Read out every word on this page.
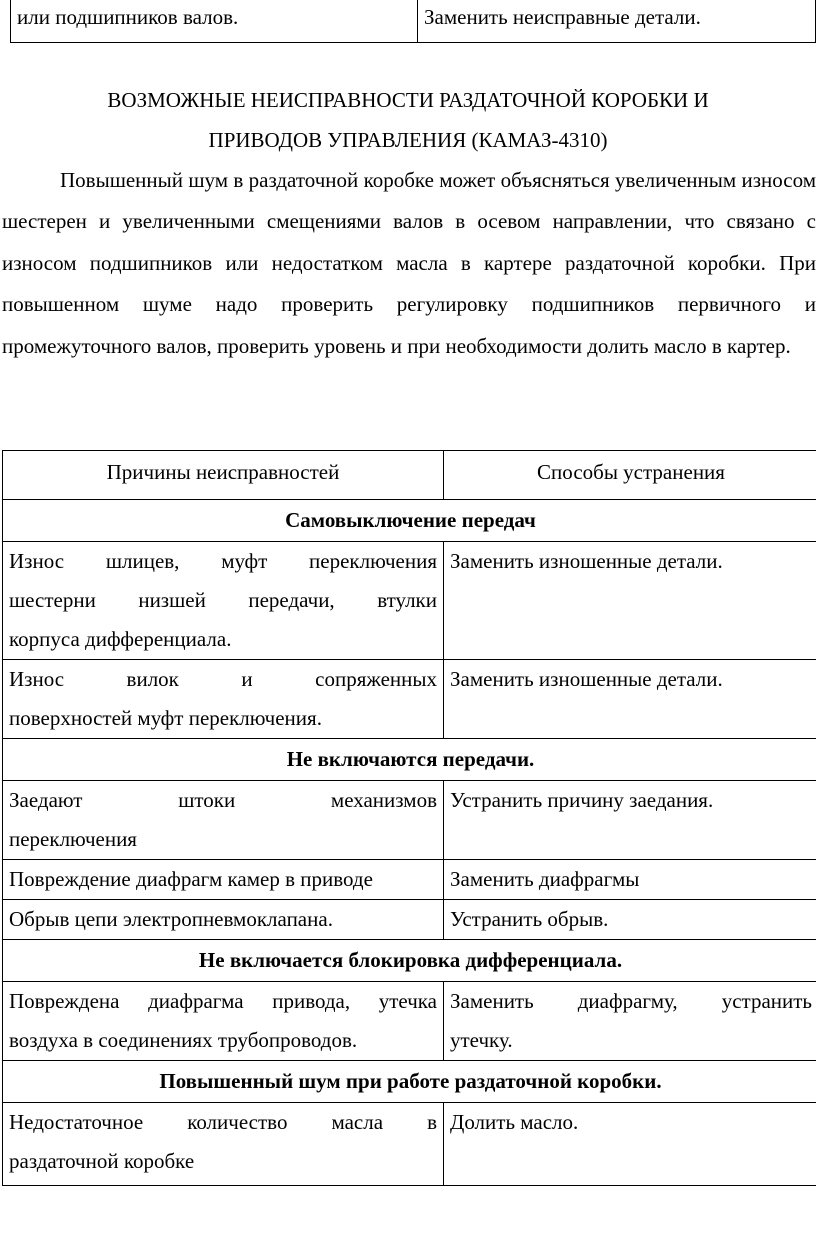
или подшипников валов.	Заменить неисправные детали.
ВОЗМОЖНЫЕ НЕИСПРАВНОСТИ РАЗДАТОЧНОЙ КОРОБКИ И
ПРИВОДОВ УПРАВЛЕНИЯ (КАМАЗ-4310)

Повышенный шум в раздаточной коробке может объясняться увеличенным износом шестерен и увеличенными смещениями валов в осевом направлении, что связано с износом подшипников или недостатком масла в картере раздаточной коробки. При повышенном шуме надо проверить регулировку подшипников первичного и промежуточного валов, проверить уровень и при необходимости долить масло в картер.

Причины неисправностей	Способы устранения
Самовыключение передач	

Износ шлицев, муфт переключения
шестерни низшей передачи, втулки
корпуса дифференциала.	Заменить изношенные детали.

Износ вилок и сопряженных
поверхностей муфт переключения.	Заменить изношенные детали.
Не включаются передачи.	

Заедают штоки механизмов
переключения	Устранить причину заедания.

Повреждение диафрагм камер в приводе	Заменить диафрагмы

Обрыв цепи электропневмоклапана.	Устранить обрыв.
Не включается блокировка дифференциала.	

Повреждена диафрагма привода, утечка
воздуха в соединениях трубопроводов.	Заменить диафрагму, устранить
утечку.

Повышенный шум при работе раздаточной коробки.	

Недостаточное количество масла в
раздаточной коробке	Долить масло.
